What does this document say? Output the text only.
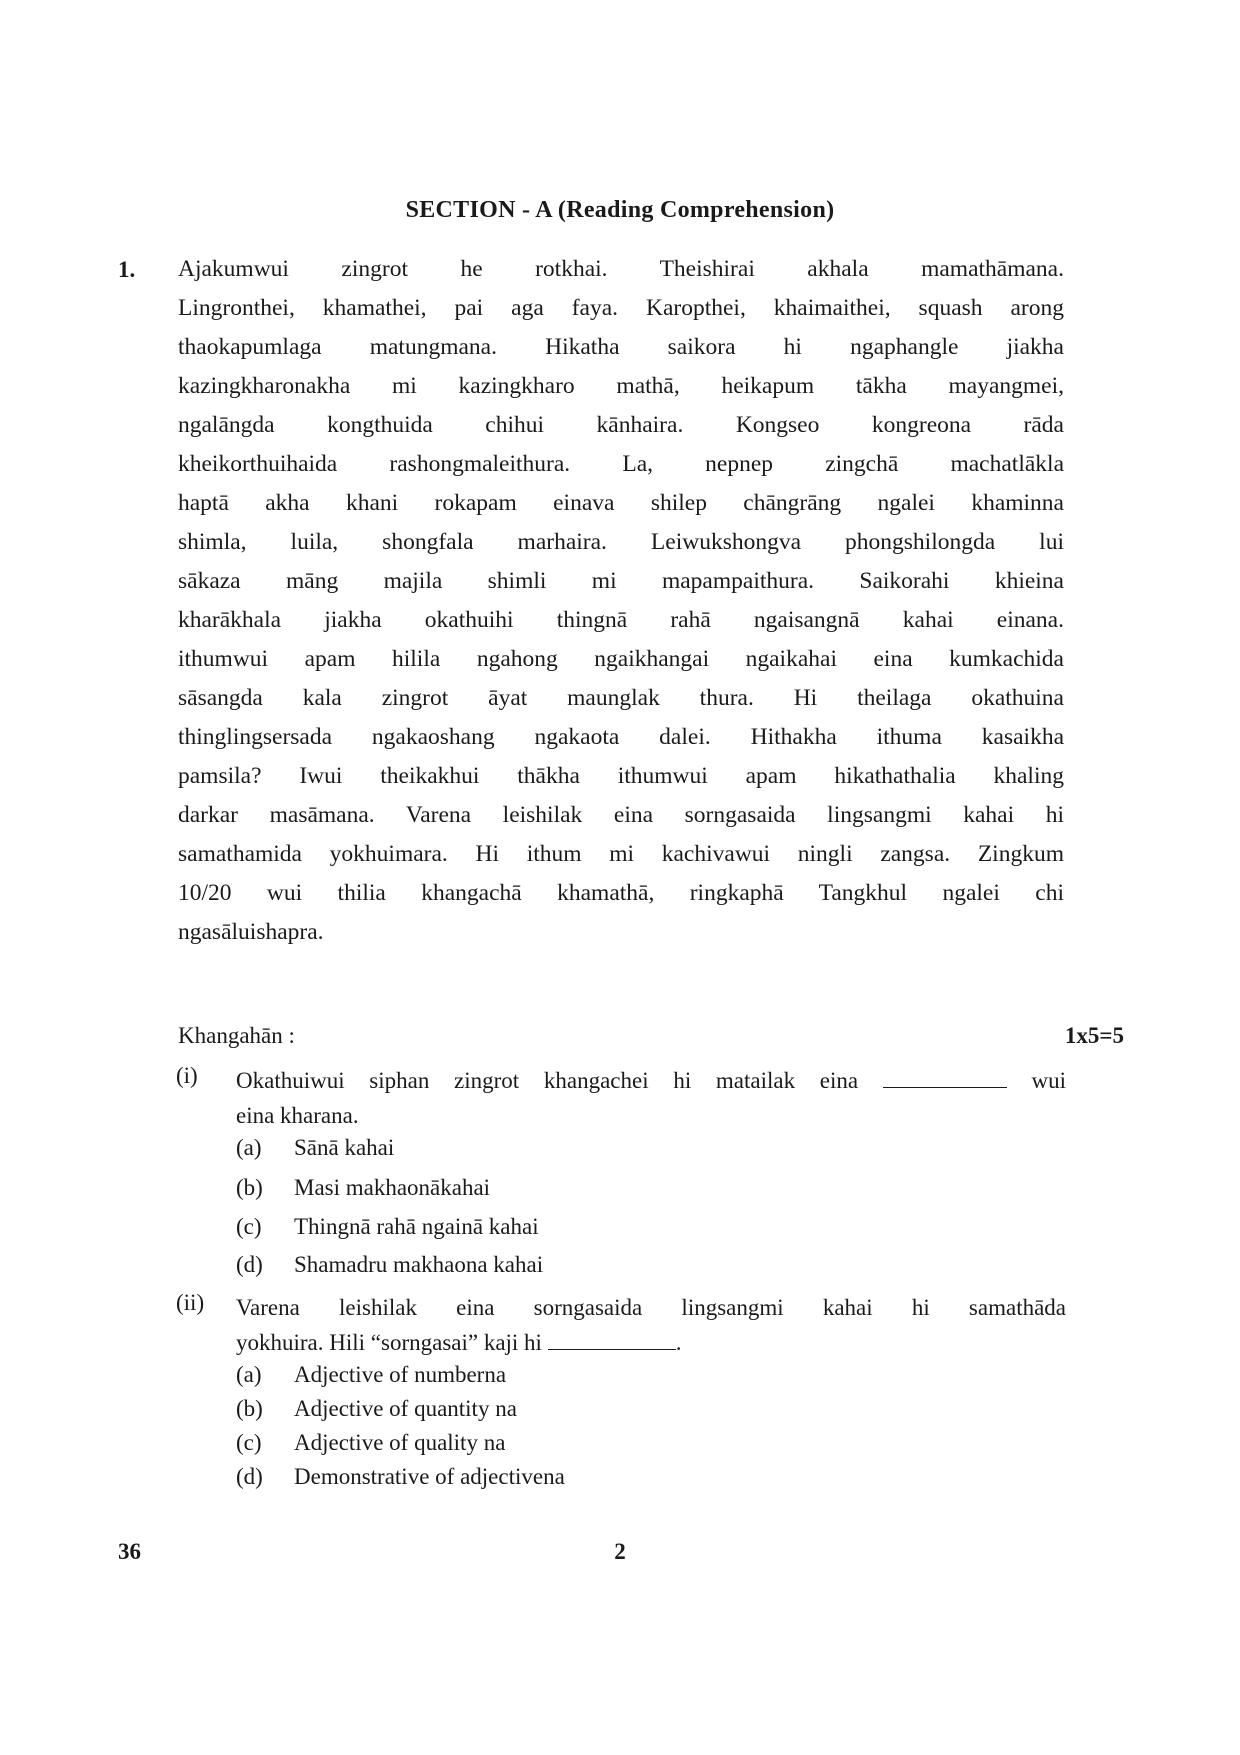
SECTION - A (Reading Comprehension)
1. Ajakumwui zingrot he rotkhai. Theishirai akhala mamathāmana.
Lingronthei, khamathei, pai aga faya. Karopthei, khaimaithei, squash arong
thaokapumlaga matungmana. Hikatha saikora hi ngaphangle jiakha
kazingkharonakha mi kazingkharo mathā, heikapum tākha mayangmei,
ngalāngda kongthuida chihui kānhaira. Kongseo kongreona rāda
kheikorthuihaida rashongmaleithura. La, nepnep zingchā machatlākla
haptā akha khani rokapam einava shilep chāngrāng ngalei khaminna
shimla, luila, shongfala marhaira. Leiwukshongva phongshilongda lui
sākaza māng majila shimli mi mapampaithura. Saikorahi khieina
kharākhala jiakha okathuihi thingnā rahā ngaisangnā kahai einana.
ithumwui apam hilila ngahong ngaikhangai ngaikahai eina kumkachida
sāsangda kala zingrot āyat maunglak thura. Hi theilaga okathuina
thinglingsersada ngakaoshang ngakaota dalei. Hithakha ithuma kasaikha
pamsila? Iwui theikakhui thākha ithumwui apam hikathathalia khaling
darkar masāmana. Varena leishilak eina sorngasaida lingsangmi kahai hi
samathamida yokhuimara. Hi ithum mi kachivawui ningli zangsa. Zingkum
10/20 wui thilia khangachā khamathā, ringkaphā Tangkhul ngalei chi
ngasāluishapra.
Khangahān :	1x5=5
(i) Okathuiwui siphan zingrot khangachei hi matailak eina	wui
eina kharana.
(a) Sānā kahai
(b) Masi makhaonākahai
(c) Thingnā rahā ngainā kahai
(d) Shamadru makhaona kahai
(ii) Varena leishilak eina sorngasaida lingsangmi kahai hi samathāda
yokhuira. Hili “sorngasai” kaji hi	.
(a) Adjective of numberna
(b) Adjective of quantity na
(c) Adjective of quality na
(d) Demonstrative of adjectivena
36	2
